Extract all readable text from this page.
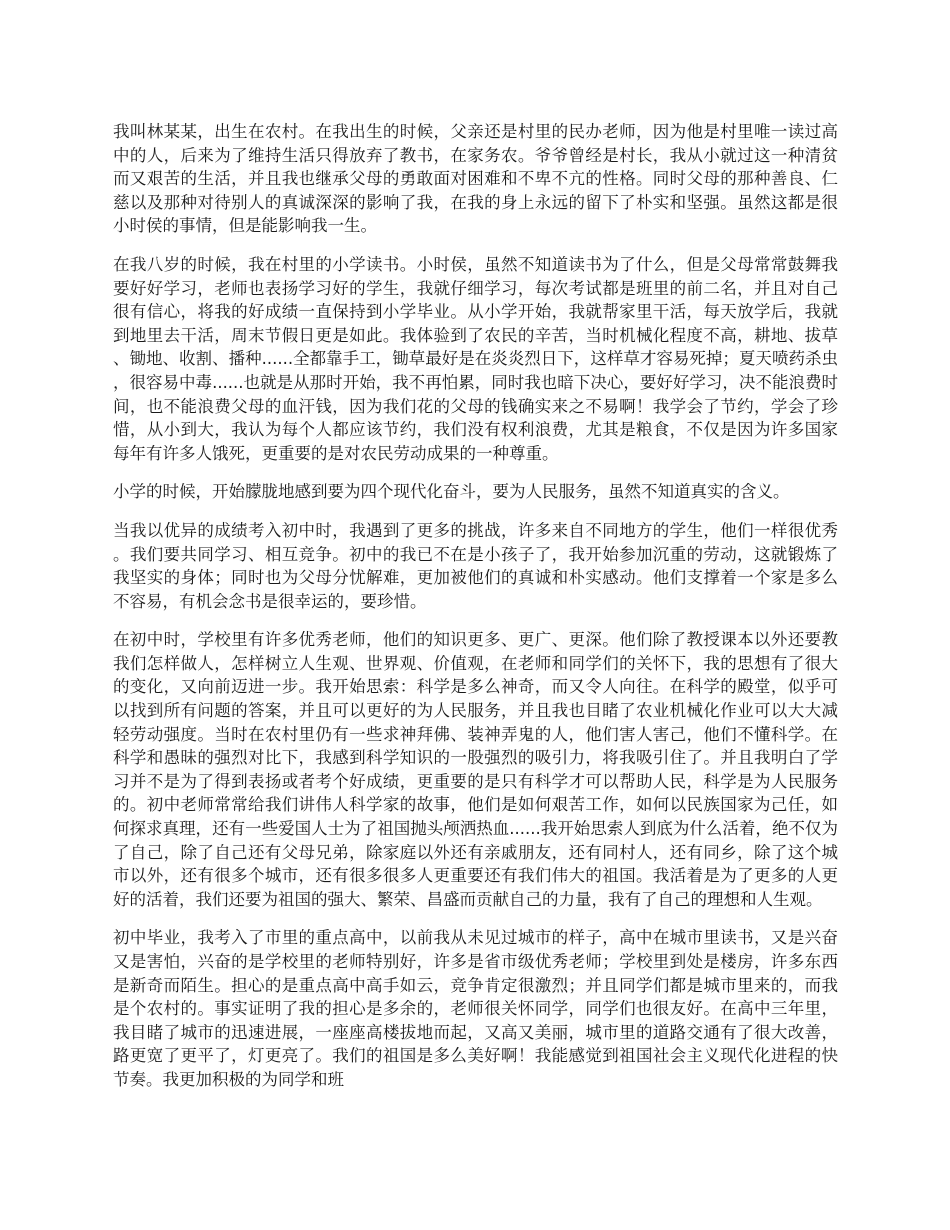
我叫林某某，出生在农村。在我出生的时候，父亲还是村里的民办老师，因为他是村里唯一读过高中的人，后来为了维持生活只得放弃了教书，在家务农。爷爷曾经是村长，我从小就过这一种清贫而又艰苦的生活，并且我也继承父母的勇敢面对困难和不卑不亢的性格。同时父母的那种善良、仁慈以及那种对待别人的真诚深深的影响了我，在我的身上永远的留下了朴实和坚强。虽然这都是很小时侯的事情，但是能影响我一生。

在我八岁的时候，我在村里的小学读书。小时侯，虽然不知道读书为了什么，但是父母常常鼓舞我要好好学习，老师也表扬学习好的学生，我就仔细学习，每次考试都是班里的前二名，并且对自己很有信心，将我的好成绩一直保持到小学毕业。从小学开始，我就帮家里干活，每天放学后，我就到地里去干活，周末节假日更是如此。我体验到了农民的辛苦，当时机械化程度不高，耕地、拔草、锄地、收割、播种......全都靠手工，锄草最好是在炎炎烈日下，这样草才容易死掉；夏天喷药杀虫，很容易中毒......也就是从那时开始，我不再怕累，同时我也暗下决心，要好好学习，决不能浪费时间，也不能浪费父母的血汗钱，因为我们花的父母的钱确实来之不易啊！我学会了节约，学会了珍惜，从小到大，我认为每个人都应该节约，我们没有权利浪费，尤其是粮食，不仅是因为许多国家每年有许多人饿死，更重要的是对农民劳动成果的一种尊重。

小学的时候，开始朦胧地感到要为四个现代化奋斗，要为人民服务，虽然不知道真实的含义。

当我以优异的成绩考入初中时，我遇到了更多的挑战，许多来自不同地方的学生，他们一样很优秀。我们要共同学习、相互竞争。初中的我已不在是小孩子了，我开始参加沉重的劳动，这就锻炼了我坚实的身体；同时也为父母分忧解难，更加被他们的真诚和朴实感动。他们支撑着一个家是多么不容易，有机会念书是很幸运的，要珍惜。

在初中时，学校里有许多优秀老师，他们的知识更多、更广、更深。他们除了教授课本以外还要教我们怎样做人，怎样树立人生观、世界观、价值观，在老师和同学们的关怀下，我的思想有了很大的变化，又向前迈进一步。我开始思索：科学是多么神奇，而又令人向往。在科学的殿堂，似乎可以找到所有问题的答案，并且可以更好的为人民服务，并且我也目睹了农业机械化作业可以大大减轻劳动强度。当时在农村里仍有一些求神拜佛、装神弄鬼的人，他们害人害己，他们不懂科学。在科学和愚昧的强烈对比下，我感到科学知识的一股强烈的吸引力，将我吸引住了。并且我明白了学习并不是为了得到表扬或者考个好成绩，更重要的是只有科学才可以帮助人民，科学是为人民服务的。初中老师常常给我们讲伟人科学家的故事，他们是如何艰苦工作，如何以民族国家为己任，如何探求真理，还有一些爱国人士为了祖国抛头颅洒热血......我开始思索人到底为什么活着，绝不仅为了自己，除了自己还有父母兄弟，除家庭以外还有亲戚朋友，还有同村人，还有同乡，除了这个城市以外，还有很多个城市，还有很多很多人更重要还有我们伟大的祖国。我活着是为了更多的人更好的活着，我们还要为祖国的强大、繁荣、昌盛而贡献自己的力量，我有了自己的理想和人生观。

初中毕业，我考入了市里的重点高中，以前我从未见过城市的样子，高中在城市里读书，又是兴奋又是害怕，兴奋的是学校里的老师特别好，许多是省市级优秀老师；学校里到处是楼房，许多东西是新奇而陌生。担心的是重点高中高手如云，竞争肯定很激烈；并且同学们都是城市里来的，而我是个农村的。事实证明了我的担心是多余的，老师很关怀同学，同学们也很友好。在高中三年里，我目睹了城市的迅速进展，一座座高楼拔地而起，又高又美丽，城市里的道路交通有了很大改善，路更宽了更平了，灯更亮了。我们的祖国是多么美好啊！我能感觉到祖国社会主义现代化进程的快节奏。我更加积极的为同学和班
